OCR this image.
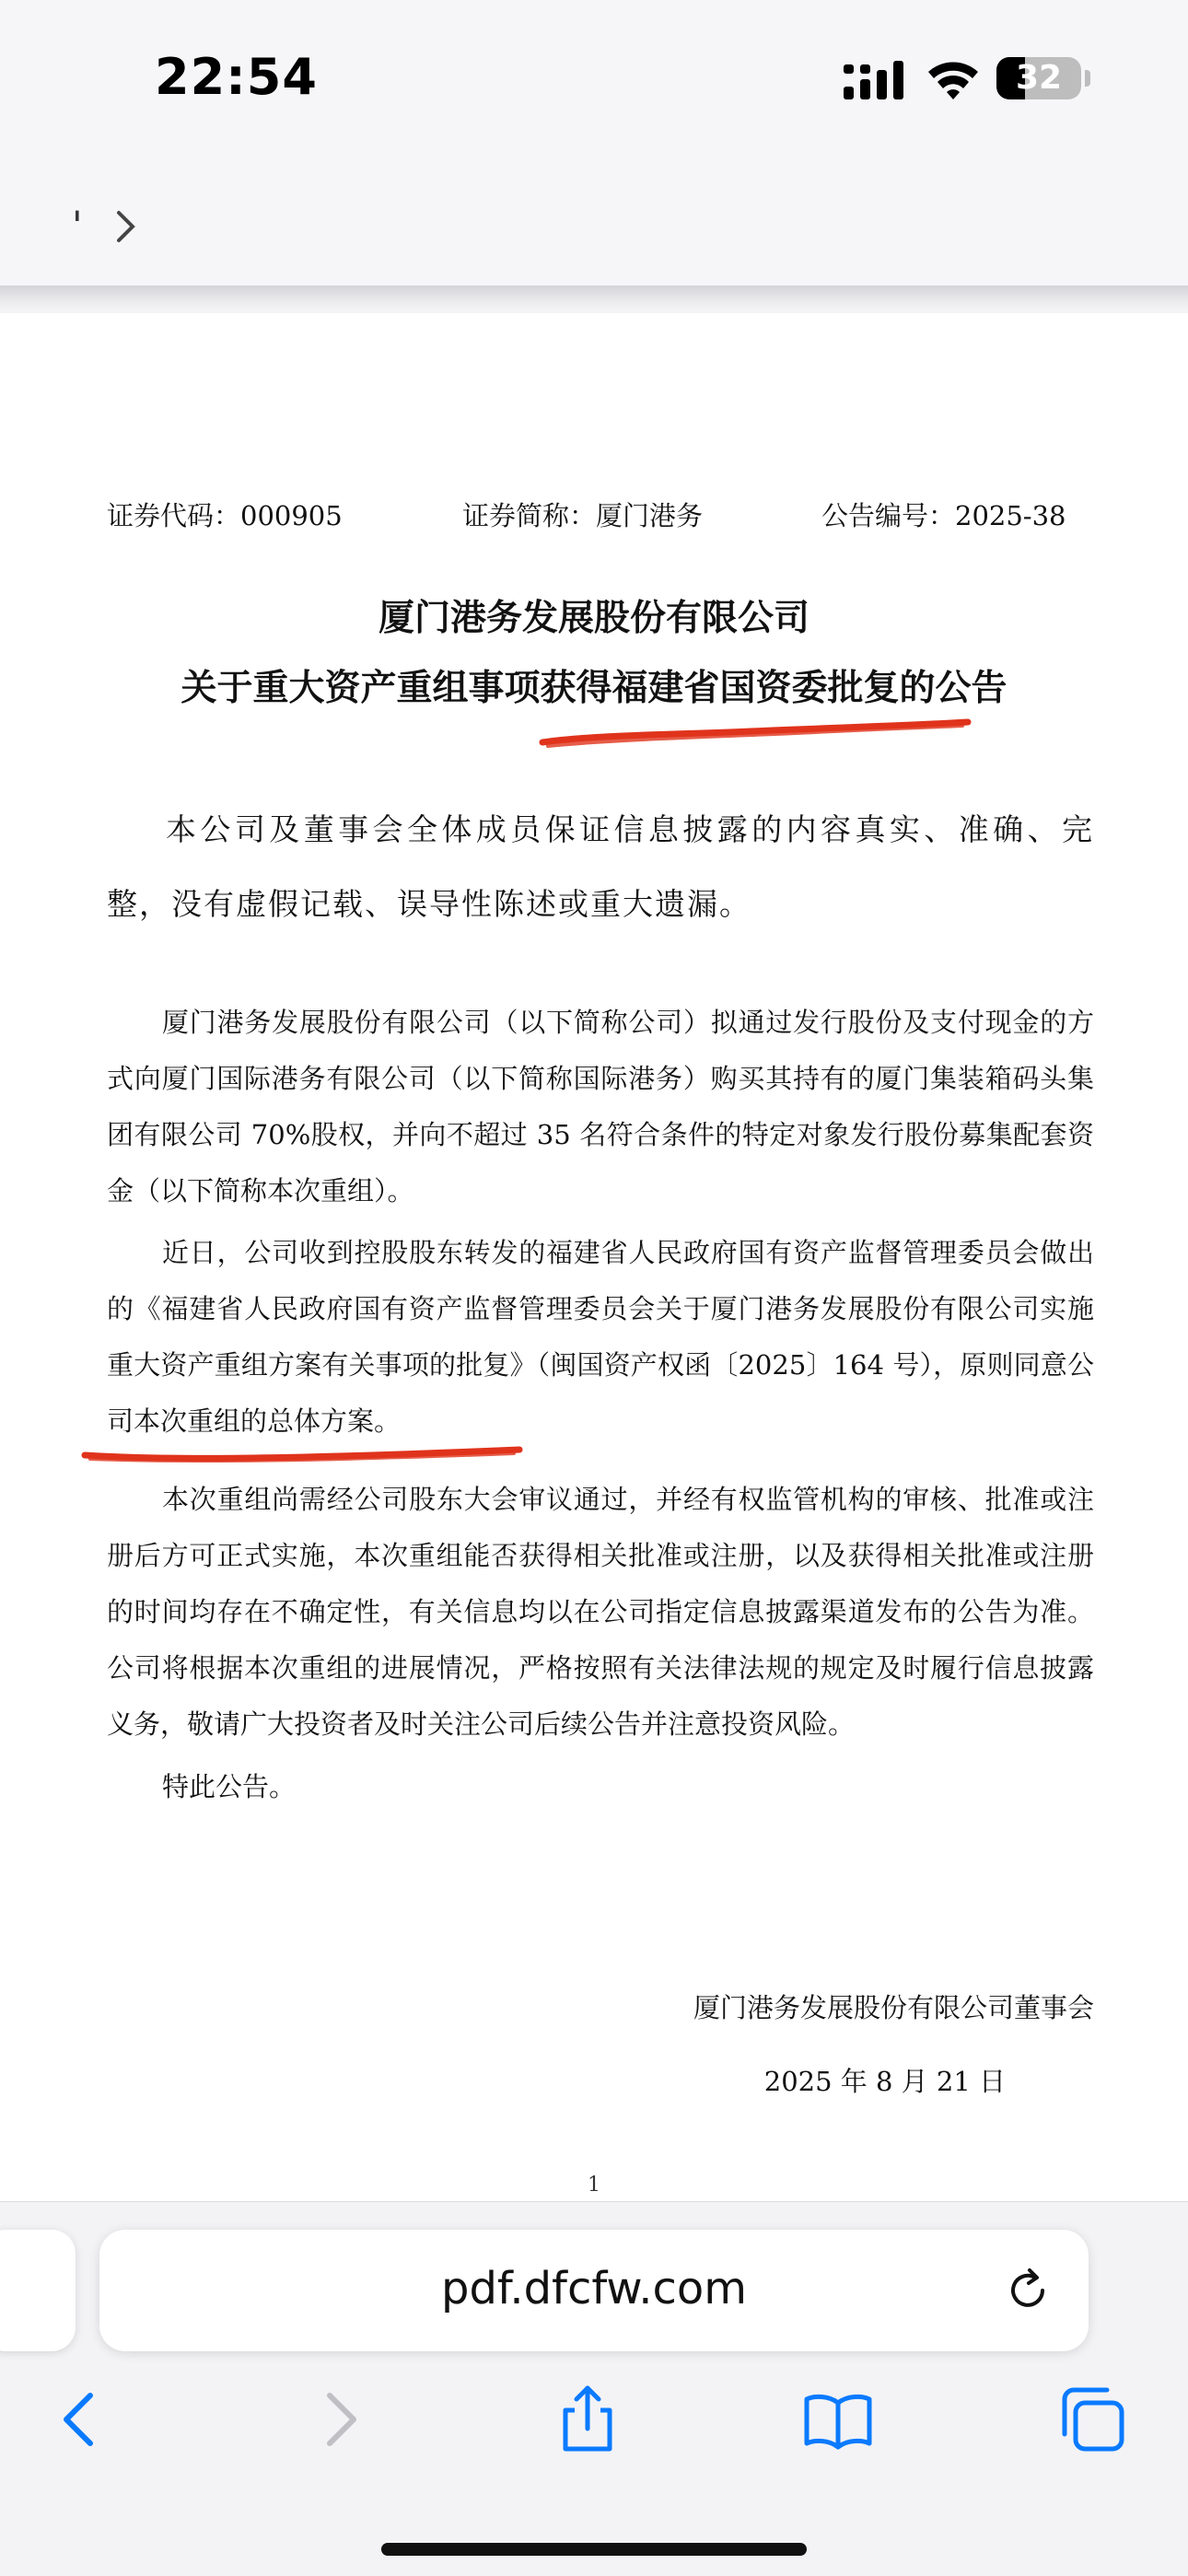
22:54	32
'
证券代码：000905	证券简称：厦门港务	公告编号：2025-38
厦门港务发展股份有限公司
关于重大资产重组事项获得福建省国资委批复的公告

本公司及董事会全体成员保证信息披露的内容真实、准确、完整，没有虚假记载、误导性陈述或重大遗漏。

厦门港务发展股份有限公司（以下简称公司）拟通过发行股份及支付现金的方式向厦门国际港务有限公司（以下简称国际港务）购买其持有的厦门集装箱码头集团有限公司 70%股权，并向不超过 35 名符合条件的特定对象发行股份募集配套资金（以下简称本次重组）。

近日，公司收到控股股东转发的福建省人民政府国有资产监督管理委员会做出的《福建省人民政府国有资产监督管理委员会关于厦门港务发展股份有限公司实施重大资产重组方案有关事项的批复》（闽国资产权函〔2025〕164 号），原则同意公司本次重组的总体方案。

本次重组尚需经公司股东大会审议通过，并经有权监管机构的审核、批准或注册后方可正式实施，本次重组能否获得相关批准或注册，以及获得相关批准或注册的时间均存在不确定性，有关信息均以在公司指定信息披露渠道发布的公告为准。公司将根据本次重组的进展情况，严格按照有关法律法规的规定及时履行信息披露义务，敬请广大投资者及时关注公司后续公告并注意投资风险。

特此公告。

厦门港务发展股份有限公司董事会
2025 年 8 月 21 日
1
pdf.dfcfw.com
